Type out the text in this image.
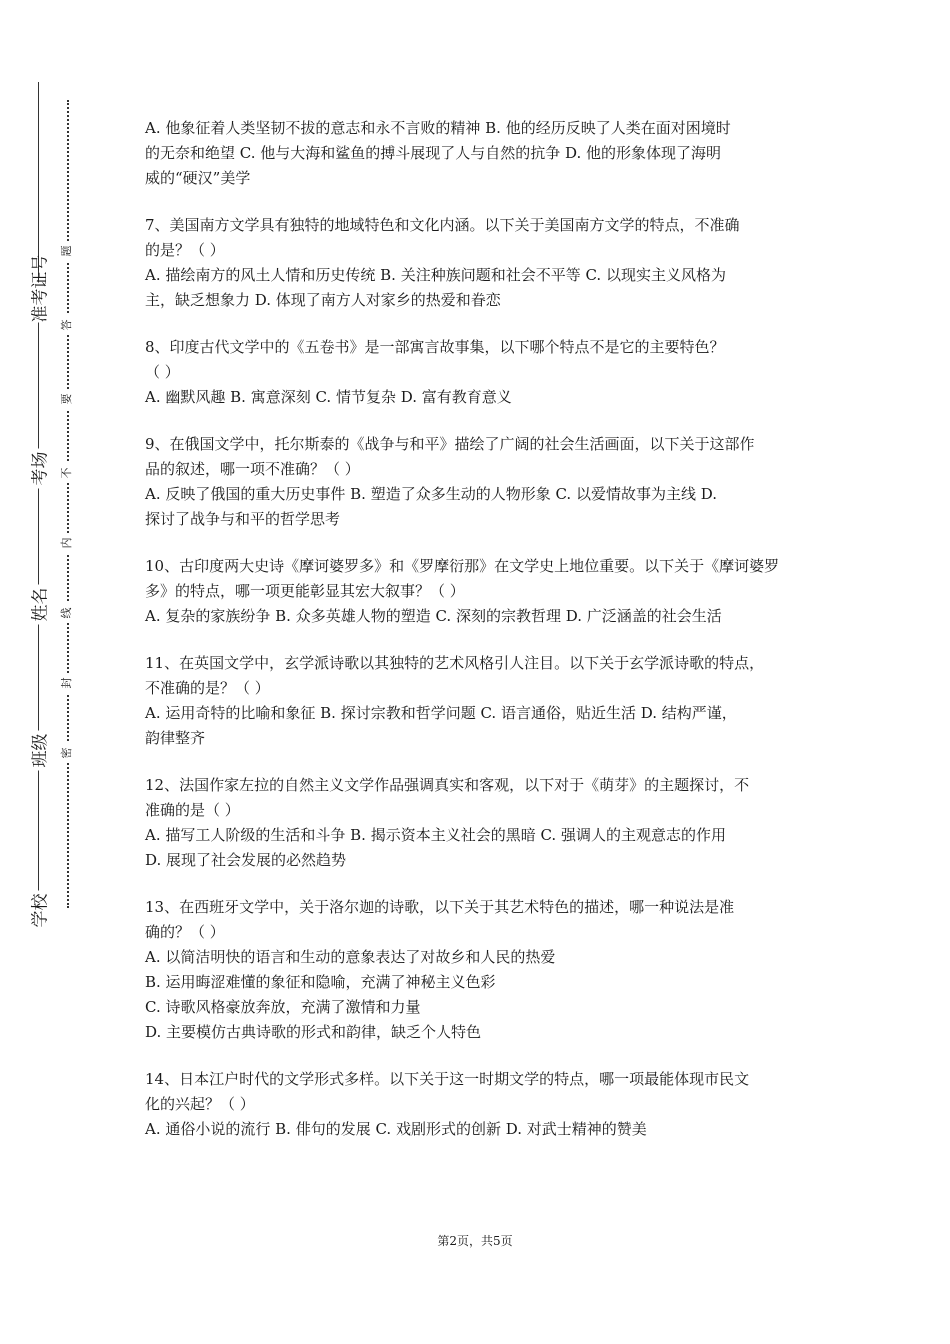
准考证号
考场
姓名
班级
学校
题
答
要
不
内
线
封
密

A. 他象征着人类坚韧不拔的意志和永不言败的精神 B. 他的经历反映了人类在面对困境时

的无奈和绝望 C. 他与大海和鲨鱼的搏斗展现了人与自然的抗争 D. 他的形象体现了海明

威的“硬汉”美学

7、美国南方文学具有独特的地域特色和文化内涵。以下关于美国南方文学的特点，不准确

的是？（ ）

A. 描绘南方的风土人情和历史传统 B. 关注种族问题和社会不平等 C. 以现实主义风格为

主，缺乏想象力 D. 体现了南方人对家乡的热爱和眷恋

8、印度古代文学中的《五卷书》是一部寓言故事集，以下哪个特点不是它的主要特色？

（ ）

A. 幽默风趣 B. 寓意深刻 C. 情节复杂 D. 富有教育意义

9、在俄国文学中，托尔斯泰的《战争与和平》描绘了广阔的社会生活画面，以下关于这部作

品的叙述，哪一项不准确？（ ）

A. 反映了俄国的重大历史事件 B. 塑造了众多生动的人物形象 C. 以爱情故事为主线 D.

探讨了战争与和平的哲学思考

10、古印度两大史诗《摩诃婆罗多》和《罗摩衍那》在文学史上地位重要。以下关于《摩诃婆罗

多》的特点，哪一项更能彰显其宏大叙事？（ ）

A. 复杂的家族纷争 B. 众多英雄人物的塑造 C. 深刻的宗教哲理 D. 广泛涵盖的社会生活

11、在英国文学中，玄学派诗歌以其独特的艺术风格引人注目。以下关于玄学派诗歌的特点，

不准确的是？（ ）

A. 运用奇特的比喻和象征 B. 探讨宗教和哲学问题 C. 语言通俗，贴近生活 D. 结构严谨，

韵律整齐

12、法国作家左拉的自然主义文学作品强调真实和客观，以下对于《萌芽》的主题探讨，不

准确的是（ ）

A. 描写工人阶级的生活和斗争 B. 揭示资本主义社会的黑暗 C. 强调人的主观意志的作用

D. 展现了社会发展的必然趋势

13、在西班牙文学中，关于洛尔迦的诗歌，以下关于其艺术特色的描述，哪一种说法是准

确的？（ ）

A. 以简洁明快的语言和生动的意象表达了对故乡和人民的热爱

B. 运用晦涩难懂的象征和隐喻，充满了神秘主义色彩

C. 诗歌风格豪放奔放，充满了激情和力量

D. 主要模仿古典诗歌的形式和韵律，缺乏个人特色

14、日本江户时代的文学形式多样。以下关于这一时期文学的特点，哪一项最能体现市民文

化的兴起？（ ）

A. 通俗小说的流行 B. 俳句的发展 C. 戏剧形式的创新 D. 对武士精神的赞美

第2页，共5页
